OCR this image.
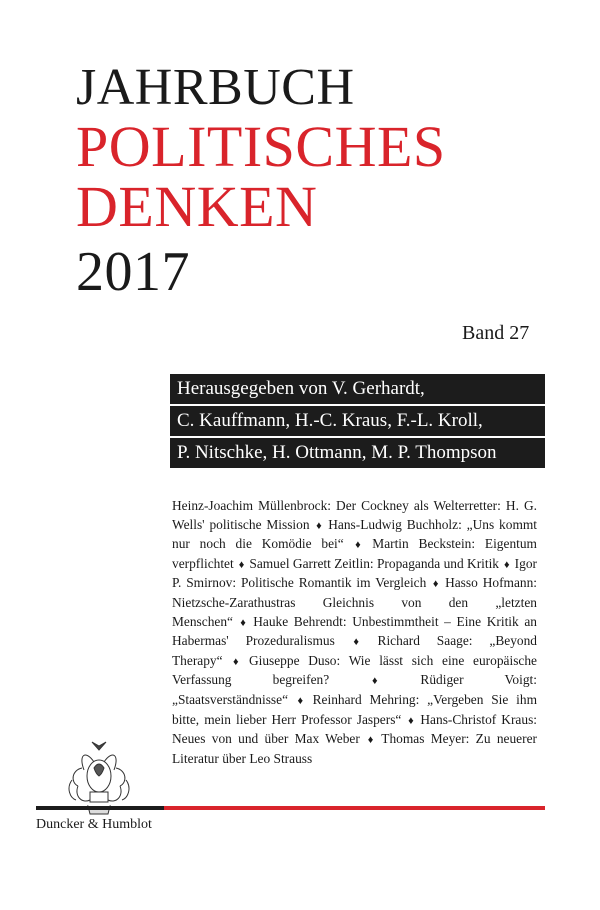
JAHRBUCH
POLITISCHES
DENKEN
2017
Band 27
Herausgegeben von V. Gerhardt,
C. Kauffmann, H.-C. Kraus, F.-L. Kroll,
P. Nitschke, H. Ottmann, M. P. Thompson
Heinz-Joachim Müllenbrock: Der Cockney als Welterretter: H. G. Wells' politische Mission ♦ Hans-Ludwig Buchholz: „Uns kommt nur noch die Komödie bei“ ♦ Martin Beckstein: Eigentum verpflichtet ♦ Samuel Garrett Zeitlin: Propaganda und Kritik ♦ Igor P. Smirnov: Politische Romantik im Vergleich ♦ Hasso Hofmann: Nietzsche-Zarathustras Gleichnis von den „letzten Menschen“ ♦ Hauke Behrendt: Unbestimmtheit – Eine Kritik an Habermas' Prozeduralismus ♦ Richard Saage: „Beyond Therapy“ ♦ Giuseppe Duso: Wie lässt sich eine europäische Verfassung begreifen? ♦ Rüdiger Voigt: „Staatsverständnisse“ ♦ Reinhard Mehring: „Vergeben Sie ihm bitte, mein lieber Herr Professor Jaspers“ ♦ Hans-Christof Kraus: Neues von und über Max Weber ♦ Thomas Meyer: Zu neuerer Literatur über Leo Strauss
Duncker & Humblot
